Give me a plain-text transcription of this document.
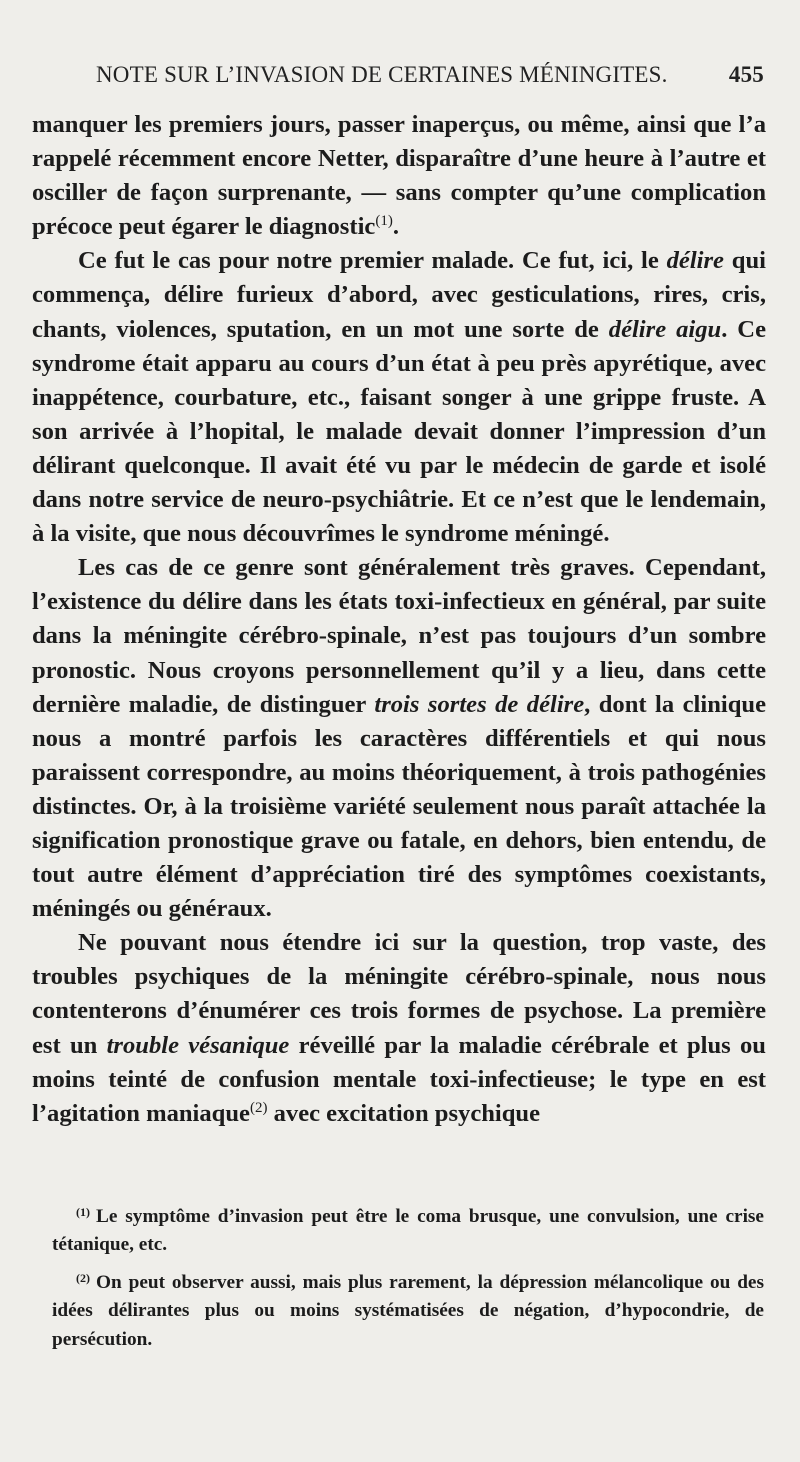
NOTE SUR L’INVASION DE CERTAINES MÉNINGITES.	455

manquer les premiers jours, passer inaperçus, ou même, ainsi que l’a rappelé récemment encore Netter, disparaître d’une heure à l’autre et osciller de façon surprenante, — sans compter qu’une complication précoce peut égarer le diagnostic$^{(1)}$.

Ce fut le cas pour notre premier malade. Ce fut, ici, le délire qui commença, délire furieux d’abord, avec gesticulations, rires, cris, chants, violences, sputation, en un mot une sorte de délire aigu. Ce syndrome était apparu au cours d’un état à peu près apyrétique, avec inappétence, courbature, etc., faisant songer à une grippe fruste. A son arrivée à l’hopital, le malade devait donner l’impression d’un délirant quelconque. Il avait été vu par le médecin de garde et isolé dans notre service de neuro-psychiâtrie. Et ce n’est que le lendemain, à la visite, que nous découvrîmes le syndrome méningé.

Les cas de ce genre sont généralement très graves. Cependant, l’existence du délire dans les états toxi-infectieux en général, par suite dans la méningite cérébro-spinale, n’est pas toujours d’un sombre pronostic. Nous croyons personnellement qu’il y a lieu, dans cette dernière maladie, de distinguer trois sortes de délire, dont la clinique nous a montré parfois les caractères différentiels et qui nous paraissent correspondre, au moins théoriquement, à trois pathogénies distinctes. Or, à la troisième variété seulement nous paraît attachée la signification pronostique grave ou fatale, en dehors, bien entendu, de tout autre élément d’appréciation tiré des symptômes coexistants, méningés ou généraux.

Ne pouvant nous étendre ici sur la question, trop vaste, des troubles psychiques de la méningite cérébro-spinale, nous nous contenterons d’énumérer ces trois formes de psychose. La première est un trouble vésanique réveillé par la maladie cérébrale et plus ou moins teinté de confusion mentale toxi-infectieuse; le type en est l’agitation maniaque$^{(2)}$ avec excitation psychique

$^{(1)}$ Le symptôme d’invasion peut être le coma brusque, une convulsion, une crise tétanique, etc.

$^{(2)}$ On peut observer aussi, mais plus rarement, la dépression mélancolique ou des idées délirantes plus ou moins systématisées de négation, d’hypocondrie, de persécution.
